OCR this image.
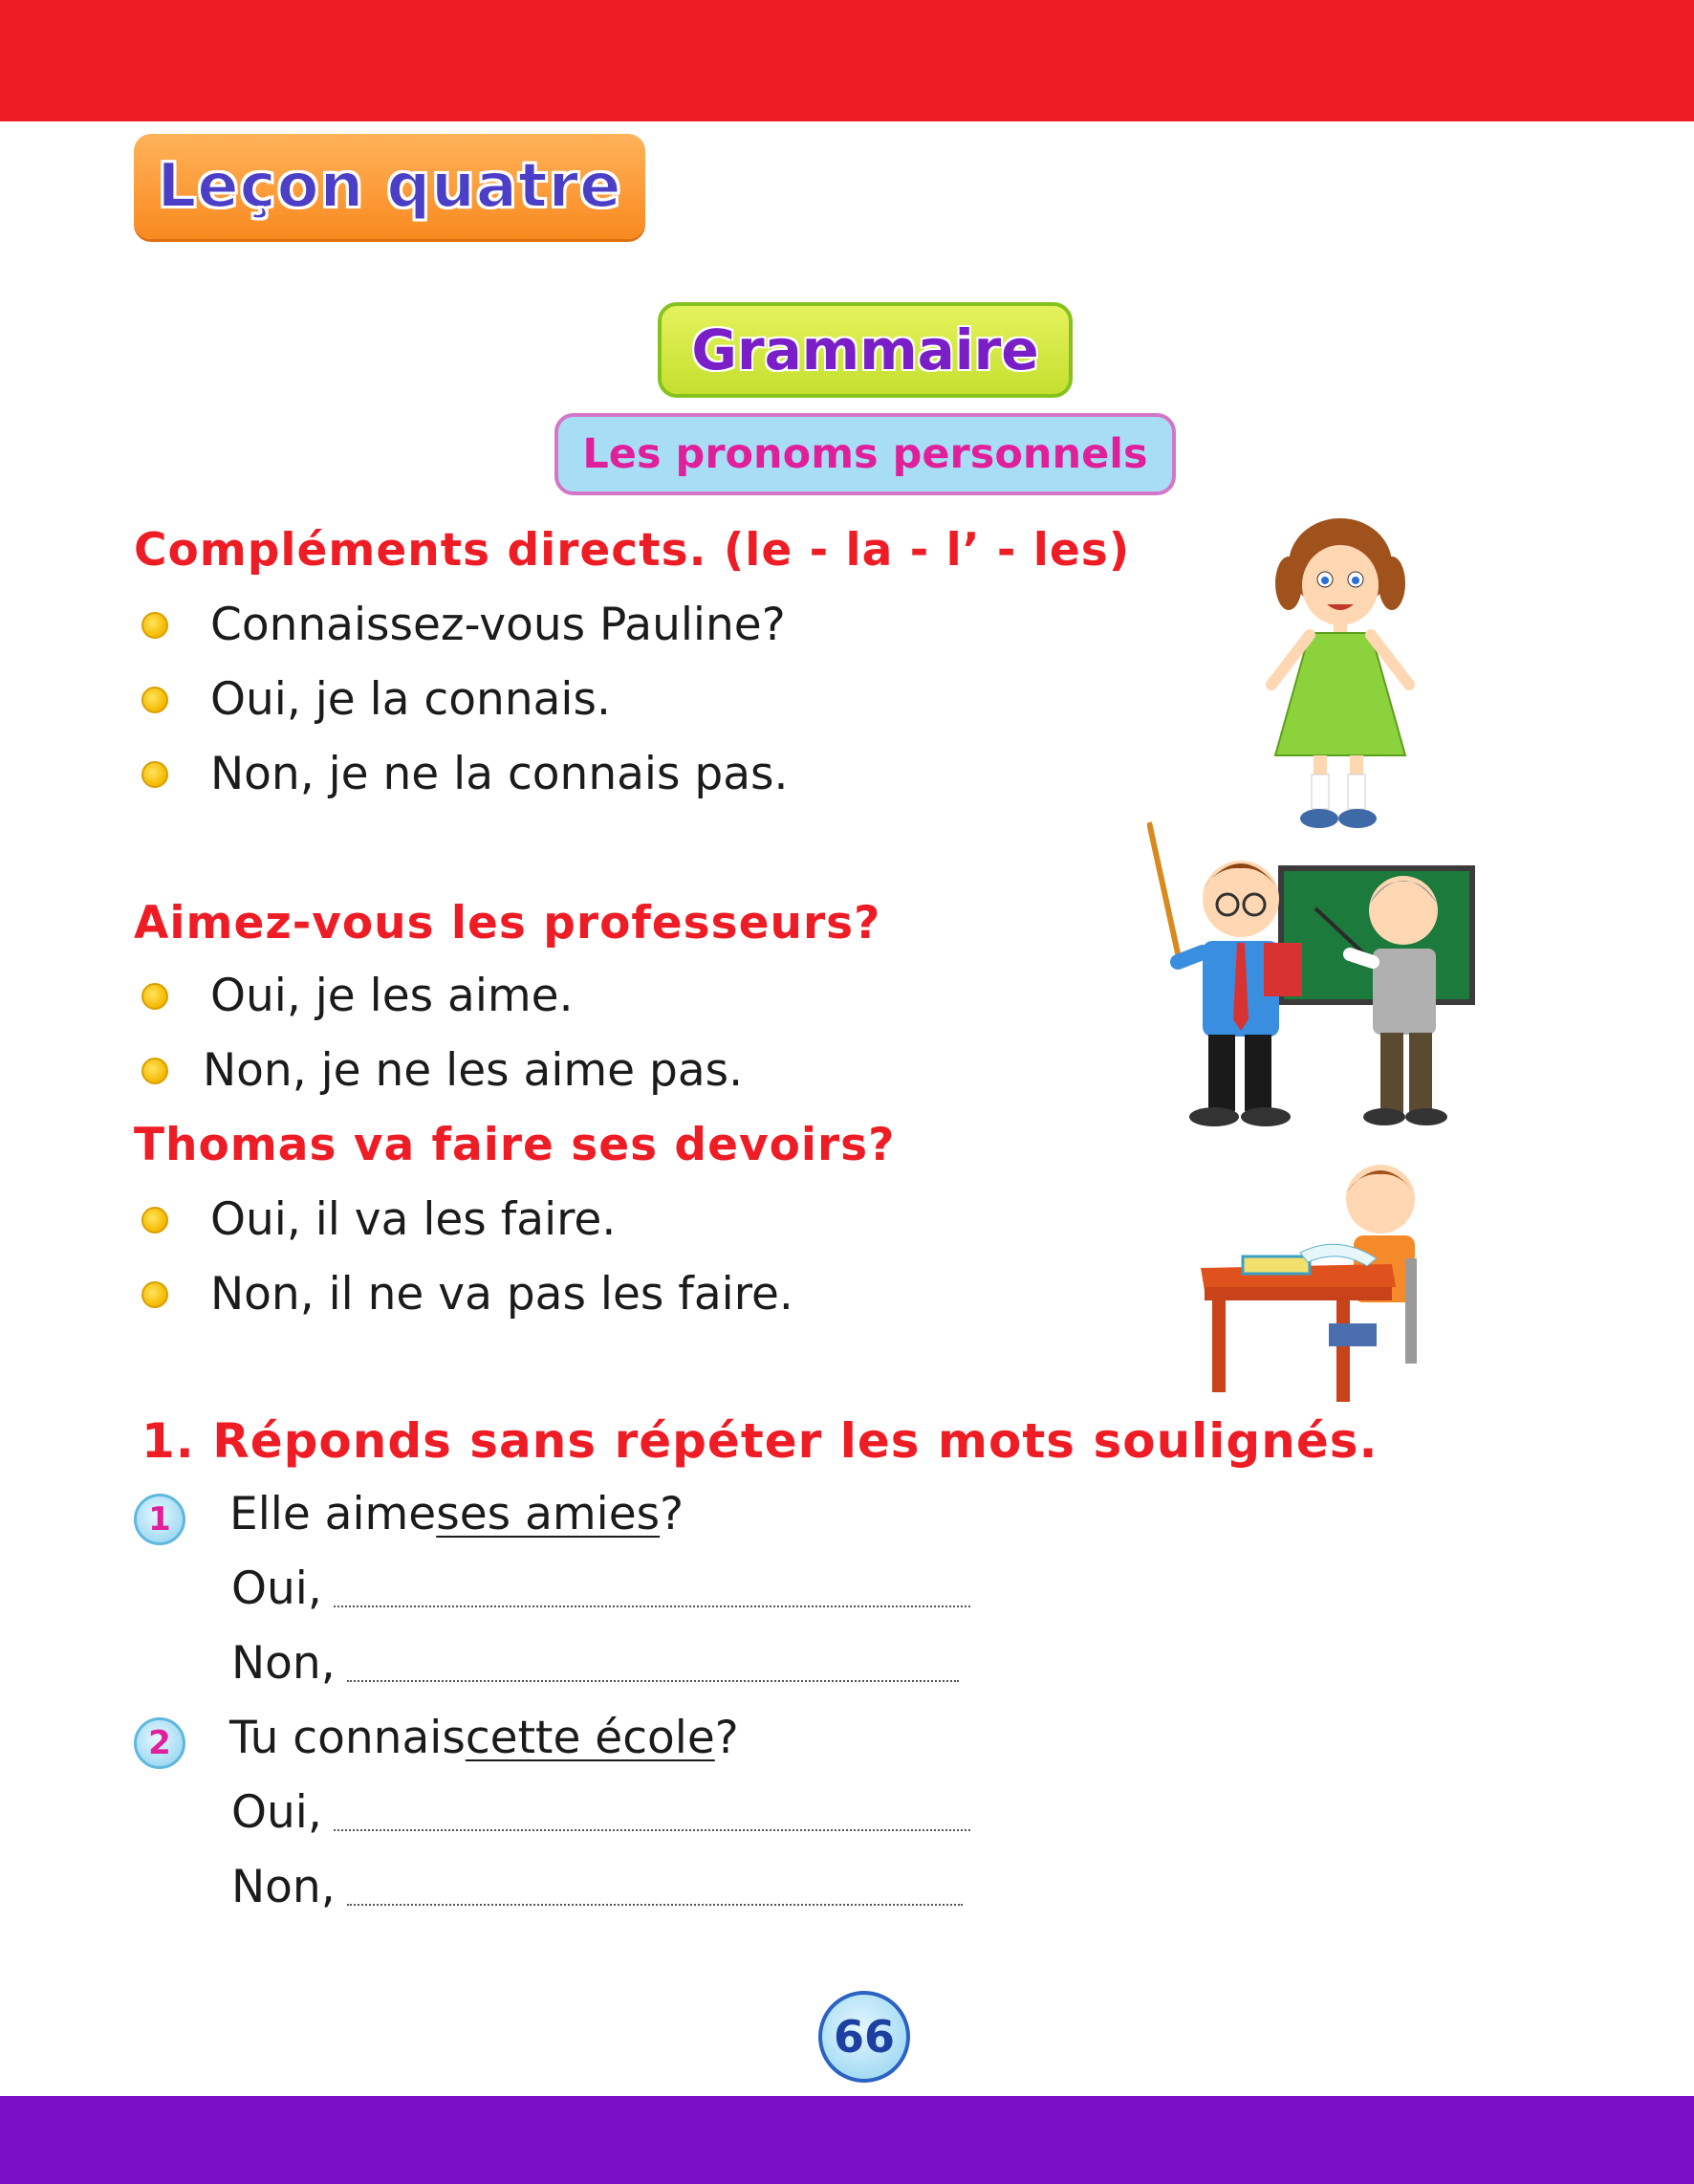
Leçon quatre
Grammaire
Les pronoms personnels
Compléments directs. (le - la - l’ - les)
Connaissez-vous Pauline?
Oui, je la connais.
Non, je ne la connais pas.
Aimez-vous les professeurs?
Oui, je les aime.
Non, je ne les aime pas.
Thomas va faire ses devoirs?
Oui, il va les faire.
Non, il ne va pas les faire.
1. Réponds sans répéter les mots soulignés.
1	Elle aime ses amies ?
Oui,
Non,
2	Tu connais cette école ?
Oui,
Non,
66
